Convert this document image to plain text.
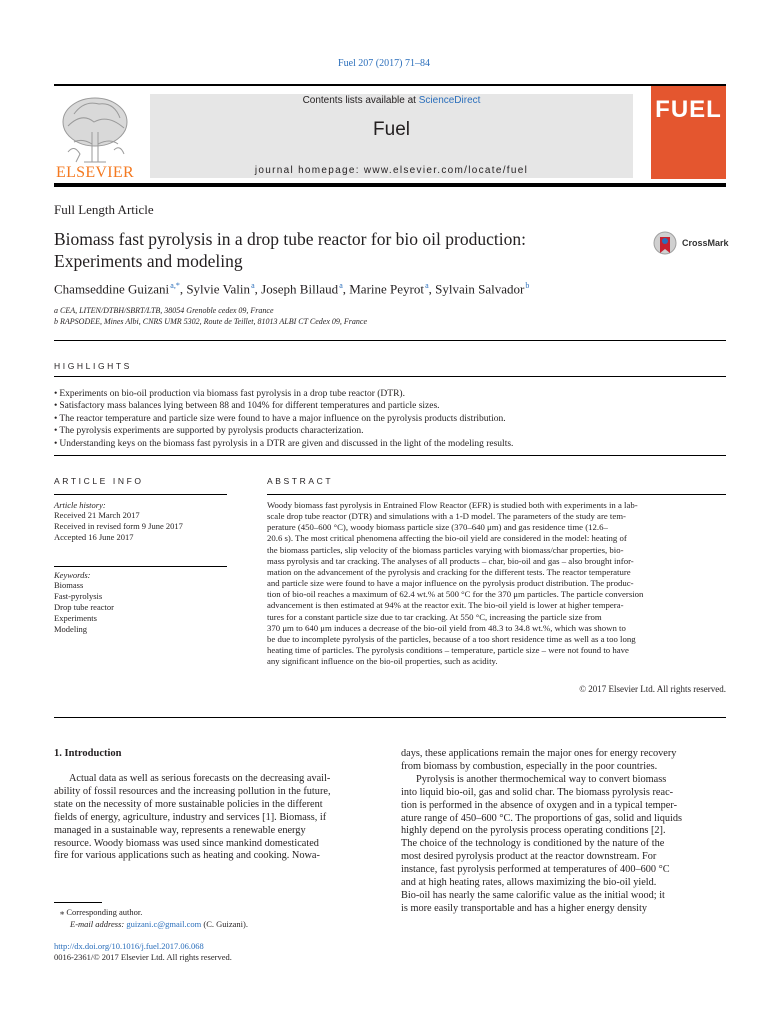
Fuel 207 (2017) 71–84
ELSEVIER
Contents lists available at ScienceDirect
Fuel
journal homepage: www.elsevier.com/locate/fuel
FUEL
Full Length Article
Biomass fast pyrolysis in a drop tube reactor for bio oil production:
Experiments and modeling
CrossMark
Chamseddine Guizani $^{a,*}$, Sylvie Valin $^a$, Joseph Billaud $^a$, Marine Peyrot $^a$, Sylvain Salvador $^b$
a CEA, LITEN/DTBH/SBRT/LTB, 38054 Grenoble cedex 09, France
b RAPSODEE, Mines Albi, CNRS UMR 5302, Route de Teillet, 81013 ALBI CT Cedex 09, France
HIGHLIGHTS
• Experiments on bio-oil production via biomass fast pyrolysis in a drop tube reactor (DTR).
• Satisfactory mass balances lying between 88 and 104% for different temperatures and particle sizes.
• The reactor temperature and particle size were found to have a major influence on the pyrolysis products distribution.
• The pyrolysis experiments are supported by pyrolysis products characterization.
• Understanding keys on the biomass fast pyrolysis in a DTR are given and discussed in the light of the modeling results.
ARTICLE INFO
Article history:
Received 21 March 2017
Received in revised form 9 June 2017
Accepted 16 June 2017
Keywords:
Biomass
Fast-pyrolysis
Drop tube reactor
Experiments
Modeling
ABSTRACT
Woody biomass fast pyrolysis in Entrained Flow Reactor (EFR) is studied both with experiments in a lab-
scale drop tube reactor (DTR) and simulations with a 1-D model. The parameters of the study are tem-
perature (450–600 °C), woody biomass particle size (370–640 μm) and gas residence time (12.6–
20.6 s). The most critical phenomena affecting the bio-oil yield are considered in the model: heating of
the biomass particles, slip velocity of the biomass particles varying with biomass/char properties, bio-
mass pyrolysis and tar cracking. The analyses of all products – char, bio-oil and gas – also brought infor-
mation on the advancement of the pyrolysis and cracking for the different tests. The reactor temperature
and particle size were found to have a major influence on the pyrolysis product distribution. The produc-
tion of bio-oil reaches a maximum of 62.4 wt.% at 500 °C for the 370 μm particles. The particle conversion
advancement is then estimated at 94% at the reactor exit. The bio-oil yield is lower at higher tempera-
tures for a constant particle size due to tar cracking. At 550 °C, increasing the particle size from
370 μm to 640 μm induces a decrease of the bio-oil yield from 48.3 to 34.8 wt.%, which was shown to
be due to incomplete pyrolysis of the particles, because of a too short residence time as well as a too long
heating time of particles. The pyrolysis conditions – temperature, particle size – were not found to have
any significant influence on the bio-oil properties, such as acidity.
© 2017 Elsevier Ltd. All rights reserved.
1. Introduction
Actual data as well as serious forecasts on the decreasing avail-
ability of fossil resources and the increasing pollution in the future,
state on the necessity of more sustainable policies in the different
fields of energy, agriculture, industry and services [1]. Biomass, if
managed in a sustainable way, represents a renewable energy
resource. Woody biomass was used since mankind domesticated
fire for various applications such as heating and cooking. Nowa-
days, these applications remain the major ones for energy recovery
from biomass by combustion, especially in the poor countries.
Pyrolysis is another thermochemical way to convert biomass
into liquid bio-oil, gas and solid char. The biomass pyrolysis reac-
tion is performed in the absence of oxygen and in a typical temper-
ature range of 450–600 °C. The proportions of gas, solid and liquids
highly depend on the pyrolysis process operating conditions [2].
The choice of the technology is conditioned by the nature of the
most desired pyrolysis product at the reactor downstream. For
instance, fast pyrolysis performed at temperatures of 400–600 °C
and at high heating rates, allows maximizing the bio-oil yield.
Bio-oil has nearly the same calorific value as the initial wood; it
is more easily transportable and has a higher energy density
⁎ Corresponding author.
E-mail address: guizani.c@gmail.com (C. Guizani).
http://dx.doi.org/10.1016/j.fuel.2017.06.068
0016-2361/© 2017 Elsevier Ltd. All rights reserved.
